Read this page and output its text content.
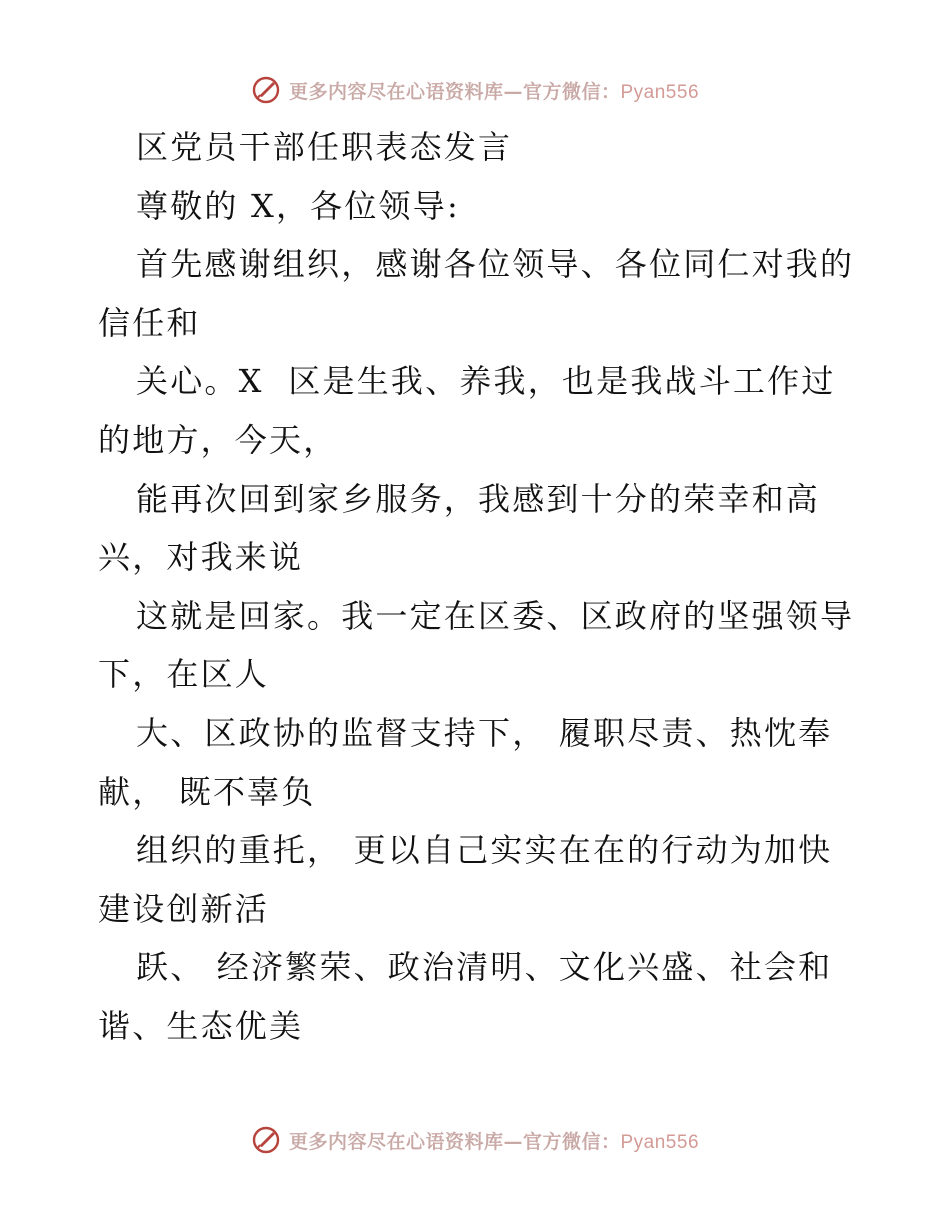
更多内容尽在心语资料库—官方微信：Pyan556
区党员干部任职表态发言
尊敬的 X，各位领导:
首先感谢组织，感谢各位领导、各位同仁对我的
信任和
关心。X  区是生我、养我，也是我战斗工作过
的地方，今天，
能再次回到家乡服务，我感到十分的荣幸和高
兴，对我来说
这就是回家。我一定在区委、区政府的坚强领导
下，在区人
大、区政协的监督支持下， 履职尽责、热忱奉
献， 既不辜负
组织的重托， 更以自己实实在在的行动为加快
建设创新活
跃、 经济繁荣、政治清明、文化兴盛、社会和
谐、生态优美
更多内容尽在心语资料库—官方微信：Pyan556
